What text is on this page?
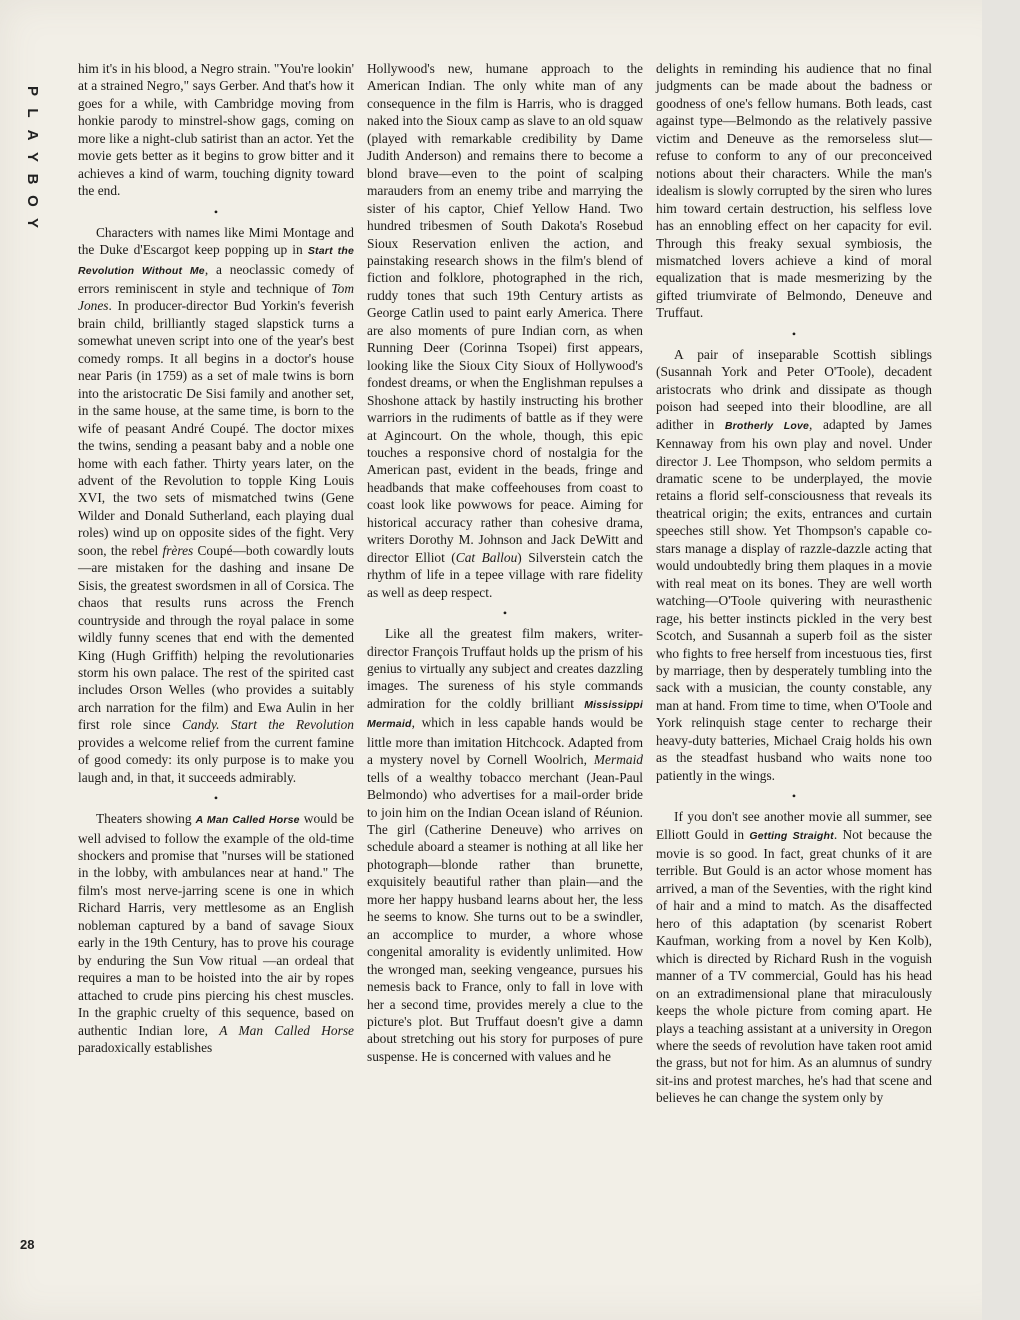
P
L
A
Y
B
O
Y
28

him it's in his blood, a Negro strain. "You're lookin' at a strained Negro," says Gerber. And that's how it goes for a while, with Cambridge moving from honkie parody to minstrel-show gags, coming on more like a night-club satirist than an actor. Yet the movie gets better as it begins to grow bitter and it achieves a kind of warm, touching dignity toward the end.

•

Characters with names like Mimi Montage and the Duke d'Escargot keep popping up in Start the Revolution Without Me, a neoclassic comedy of errors reminiscent in style and technique of Tom Jones. In producer-director Bud Yorkin's feverish brain child, brilliantly staged slapstick turns a somewhat uneven script into one of the year's best comedy romps. It all begins in a doctor's house near Paris (in 1759) as a set of male twins is born into the aristocratic De Sisi family and another set, in the same house, at the same time, is born to the wife of peasant André Coupé. The doctor mixes the twins, sending a peasant baby and a noble one home with each father. Thirty years later, on the advent of the Revolution to topple King Louis XVI, the two sets of mismatched twins (Gene Wilder and Donald Sutherland, each playing dual roles) wind up on opposite sides of the fight. Very soon, the rebel frères Coupé—both cowardly louts—are mistaken for the dashing and insane De Sisis, the greatest swordsmen in all of Corsica. The chaos that results runs across the French countryside and through the royal palace in some wildly funny scenes that end with the demented King (Hugh Griffith) helping the revolutionaries storm his own palace. The rest of the spirited cast includes Orson Welles (who provides a suitably arch narration for the film) and Ewa Aulin in her first role since Candy. Start the Revolution provides a welcome relief from the current famine of good comedy: its only purpose is to make you laugh and, in that, it succeeds admirably.

•

Theaters showing A Man Called Horse would be well advised to follow the example of the old-time shockers and promise that "nurses will be stationed in the lobby, with ambulances near at hand." The film's most nerve-jarring scene is one in which Richard Harris, very mettlesome as an English nobleman captured by a band of savage Sioux early in the 19th Century, has to prove his courage by enduring the Sun Vow ritual —an ordeal that requires a man to be hoisted into the air by ropes attached to crude pins piercing his chest muscles. In the graphic cruelty of this sequence, based on authentic Indian lore, A Man Called Horse paradoxically establishes

Hollywood's new, humane approach to the American Indian. The only white man of any consequence in the film is Harris, who is dragged naked into the Sioux camp as slave to an old squaw (played with remarkable credibility by Dame Judith Anderson) and remains there to become a blond brave—even to the point of scalping marauders from an enemy tribe and marrying the sister of his captor, Chief Yellow Hand. Two hundred tribesmen of South Dakota's Rosebud Sioux Reservation enliven the action, and painstaking research shows in the film's blend of fiction and folklore, photographed in the rich, ruddy tones that such 19th Century artists as George Catlin used to paint early America. There are also moments of pure Indian corn, as when Running Deer (Corinna Tsopei) first appears, looking like the Sioux City Sioux of Hollywood's fondest dreams, or when the Englishman repulses a Shoshone attack by hastily instructing his brother warriors in the rudiments of battle as if they were at Agincourt. On the whole, though, this epic touches a responsive chord of nostalgia for the American past, evident in the beads, fringe and headbands that make coffeehouses from coast to coast look like powwows for peace. Aiming for historical accuracy rather than cohesive drama, writers Dorothy M. Johnson and Jack DeWitt and director Elliot (Cat Ballou) Silverstein catch the rhythm of life in a tepee village with rare fidelity as well as deep respect.

•

Like all the greatest film makers, writer-director François Truffaut holds up the prism of his genius to virtually any subject and creates dazzling images. The sureness of his style commands admiration for the coldly brilliant Mississippi Mermaid, which in less capable hands would be little more than imitation Hitchcock. Adapted from a mystery novel by Cornell Woolrich, Mermaid tells of a wealthy tobacco merchant (Jean-Paul Belmondo) who advertises for a mail-order bride to join him on the Indian Ocean island of Réunion. The girl (Catherine Deneuve) who arrives on schedule aboard a steamer is nothing at all like her photograph—blonde rather than brunette, exquisitely beautiful rather than plain—and the more her happy husband learns about her, the less he seems to know. She turns out to be a swindler, an accomplice to murder, a whore whose congenital amorality is evidently unlimited. How the wronged man, seeking vengeance, pursues his nemesis back to France, only to fall in love with her a second time, provides merely a clue to the picture's plot. But Truffaut doesn't give a damn about stretching out his story for purposes of pure suspense. He is concerned with values and he

delights in reminding his audience that no final judgments can be made about the badness or goodness of one's fellow humans. Both leads, cast against type—Belmondo as the relatively passive victim and Deneuve as the remorseless slut—refuse to conform to any of our preconceived notions about their characters. While the man's idealism is slowly corrupted by the siren who lures him toward certain destruction, his selfless love has an ennobling effect on her capacity for evil. Through this freaky sexual symbiosis, the mismatched lovers achieve a kind of moral equalization that is made mesmerizing by the gifted triumvirate of Belmondo, Deneuve and Truffaut.

•

A pair of inseparable Scottish siblings (Susannah York and Peter O'Toole), decadent aristocrats who drink and dissipate as though poison had seeped into their bloodline, are all adither in Brotherly Love, adapted by James Kennaway from his own play and novel. Under director J. Lee Thompson, who seldom permits a dramatic scene to be underplayed, the movie retains a florid self-consciousness that reveals its theatrical origin; the exits, entrances and curtain speeches still show. Yet Thompson's capable co-stars manage a display of razzle-dazzle acting that would undoubtedly bring them plaques in a movie with real meat on its bones. They are well worth watching—O'Toole quivering with neurasthenic rage, his better instincts pickled in the very best Scotch, and Susannah a superb foil as the sister who fights to free herself from incestuous ties, first by marriage, then by desperately tumbling into the sack with a musician, the county constable, any man at hand. From time to time, when O'Toole and York relinquish stage center to recharge their heavy-duty batteries, Michael Craig holds his own as the steadfast husband who waits none too patiently in the wings.

•

If you don't see another movie all summer, see Elliott Gould in Getting Straight. Not because the movie is so good. In fact, great chunks of it are terrible. But Gould is an actor whose moment has arrived, a man of the Seventies, with the right kind of hair and a mind to match. As the disaffected hero of this adaptation (by scenarist Robert Kaufman, working from a novel by Ken Kolb), which is directed by Richard Rush in the voguish manner of a TV commercial, Gould has his head on an extradimensional plane that miraculously keeps the whole picture from coming apart. He plays a teaching assistant at a university in Oregon where the seeds of revolution have taken root amid the grass, but not for him. As an alumnus of sundry sit-ins and protest marches, he's had that scene and believes he can change the system only by
